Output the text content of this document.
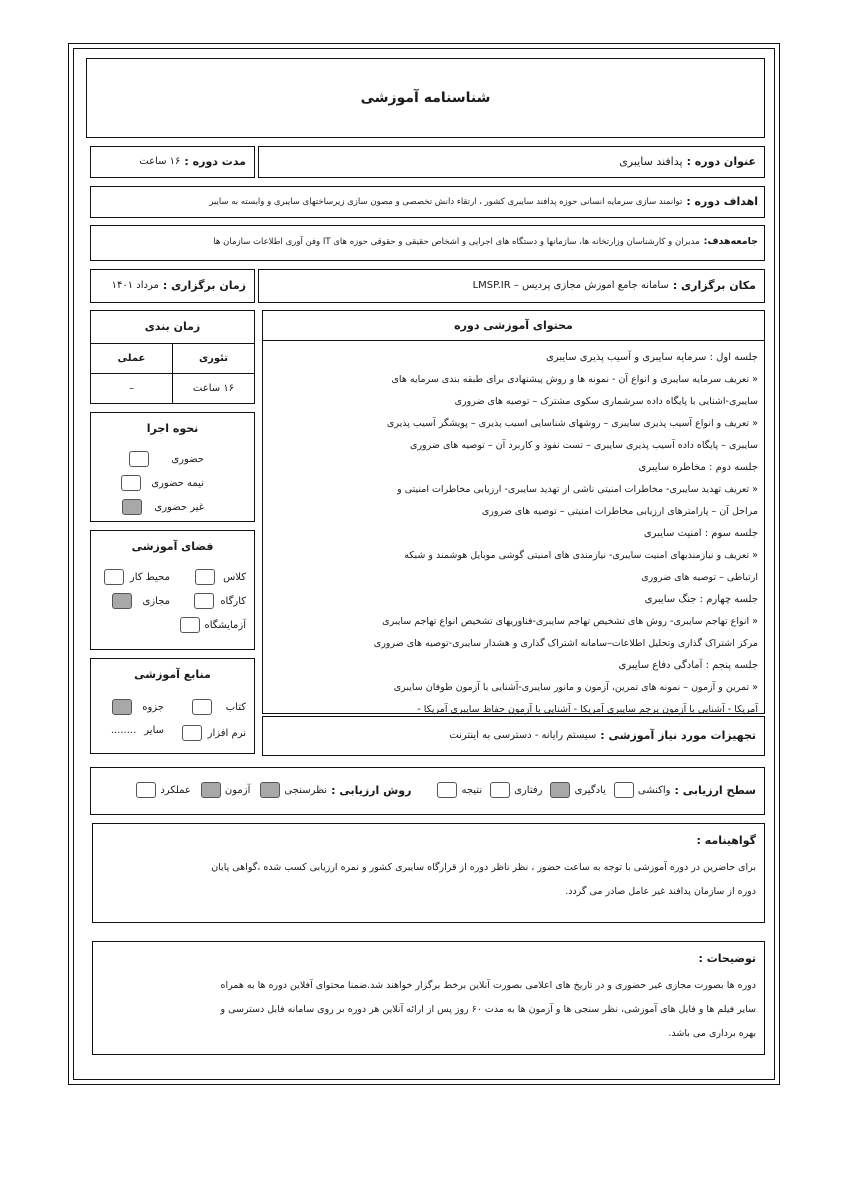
شناسنامه آموزشی
عنوان دوره :
پدافند سایبری
مدت دوره :
۱۶ ساعت
اهداف دوره :
توانمند سازی سرمایه انسانی حوزه پدافند سایبری کشور ، ارتقاء دانش تخصصی و مصون سازی زیرساختهای سایبری و وابسته به سایبر
جامعه‌هدف:
مدیران و کارشناسان وزارتخانه ها، سازمانها و دستگاه های اجرایی و اشخاص حقیقی و حقوقی حوزه های IT وفن آوری اطلاعات سازمان ها
مکان برگزاری :
سامانه جامع اموزش مجازی پردیس – LMSP.IR
زمان برگزاری :
مرداد ۱۴۰۱
زمان بندی
تئوری	عملی
۱۶ ساعت	–
نحوه اجرا
حضوری
نیمه حضوری
غیر حضوری
فضای آموزشی
کلاس
محیط کار
کارگاه
مجازی
آزمایشگاه
منابع آموزشی
کتاب
جزوه
نرم افزار
سایر
........
محتوای آموزشی دوره
جلسه اول : سرمایه سایبری و آسیب پذیری سایبری
« تعریف سرمایه سایبری و انواع آن - نمونه ها و روش پیشنهادی برای طبقه بندی سرمایه های
سایبری-اشنایی با پایگاه داده سرشماری سکوی مشترک – توصیه های ضروری
« تعریف و انواع آسیب پذیری سایبری – روشهای شناسایی اسیب پذیری – پویشگر آسیب پذیری
سایبری – پایگاه داده آسیب پذیری سایبری – تست نفوذ و کاربرد آن – توصیه های ضروری
جلسه دوم : مخاطره سایبری
« تعریف تهدید سایبری- مخاطرات امنیتی ناشی از تهدید سایبری- ارزیابی مخاطرات امنیتی و
مراحل آن – پارامترهای ارزیابی مخاطرات امنیتی – توصیه های ضروری
جلسه سوم : امنیت سایبری
« تعریف و نیازمندیهای امنیت سایبری- نیازمندی های امنیتی گوشی موبایل هوشمند و شبکه
ارتباطی – توصیه های ضروری
جلسه چهارم : جنگ سایبری
« انواع تهاجم سایبری- روش های تشخیص تهاجم سایبری-فناوریهای تشخیص انواع تهاجم سایبری
مرکز اشتراک گذاری وتحلیل اطلاعات–سامانه اشتراک گذاری و هشدار سایبری-توصیه های ضروری
جلسه پنجم : آمادگی دفاع سایبری
« تمرین و آزمون – نمونه های تمرین، آزمون و مانور سایبری-آشنایی با آزمون طوفان سایبری
آمریکا - آشنایی با آزمون پرچم سایبری آمریکا - آشنایی با آزمون حفاظ سایبری آمریکا -
تجهیزات مورد نیاز آموزشی :
سیستم رایانه - دسترسی به اینترنت
سطح ارزیابی :
واکنشی
یادگیری
رفتاری
نتیجه
روش ارزیابی :
نظرسنجی
آزمون
عملکرد
گواهینامه :
برای حاضرین در دوره آموزشی با توجه به ساعت حضور ، نظر ناظر دوره از قرارگاه سایبری کشور و نمره ارزیابی کسب شده ،گواهی پایان
دوره از سازمان پدافند غیر عامل صادر می گردد.
توضیحات :
دوره ها بصورت مجازی غیر حضوری و در تاریخ های اعلامی بصورت آنلاین برخط برگزار خواهند شد.ضمنا محتوای آفلاین دوره ها به همراه
سایر فیلم ها و فایل های آموزشی، نظر سنجی ها و آزمون ها به مدت ۶۰ روز پس از ارائه آنلاین هر دوره بر روی سامانه فابل دسترسی و
بهره برداری می باشد.
